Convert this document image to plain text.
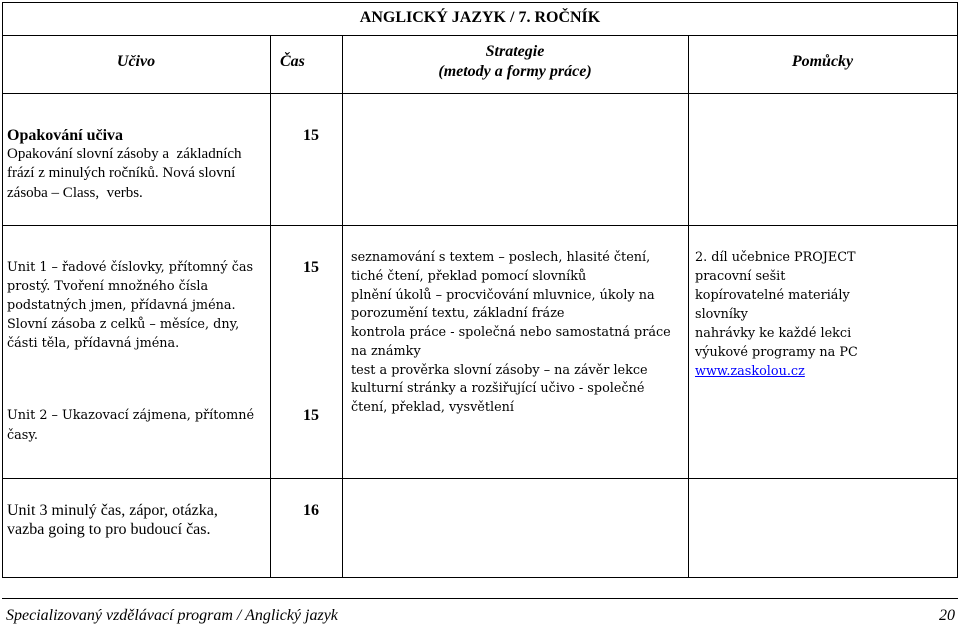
ANGLICKÝ JAZYK / 7. ROČNÍK
Učivo	Čas
Strategie
(metody a formy práce)
Pomůcky
Opakování učiva
Opakování slovní zásoby a  základních
frází z minulých ročníků. Nová slovní
zásoba – Class,  verbs.
15
Unit 1 – řadové číslovky, přítomný čas
prostý. Tvoření množného čísla
podstatných jmen, přídavná jména.
Slovní zásoba z celků – měsíce, dny,
části těla, přídavná jména.
Unit 2 – Ukazovací zájmena, přítomné
časy.
15
15
seznamování s textem – poslech, hlasité čtení,
tiché čtení, překlad pomocí slovníků
plnění úkolů – procvičování mluvnice, úkoly na
porozumění textu, základní fráze
kontrola práce - společná nebo samostatná práce
na známky
test a prověrka slovní zásoby – na závěr lekce
kulturní stránky a rozšiřující učivo - společné
čtení, překlad, vysvětlení
2. díl učebnice PROJECT
pracovní sešit
kopírovatelné materiály
slovníky
nahrávky ke každé lekci
výukové programy na PC
www.zaskolou.cz
Unit 3 minulý čas, zápor, otázka,
vazba going to pro budoucí čas.
16
Specializovaný vzdělávací program / Anglický jazyk	20
